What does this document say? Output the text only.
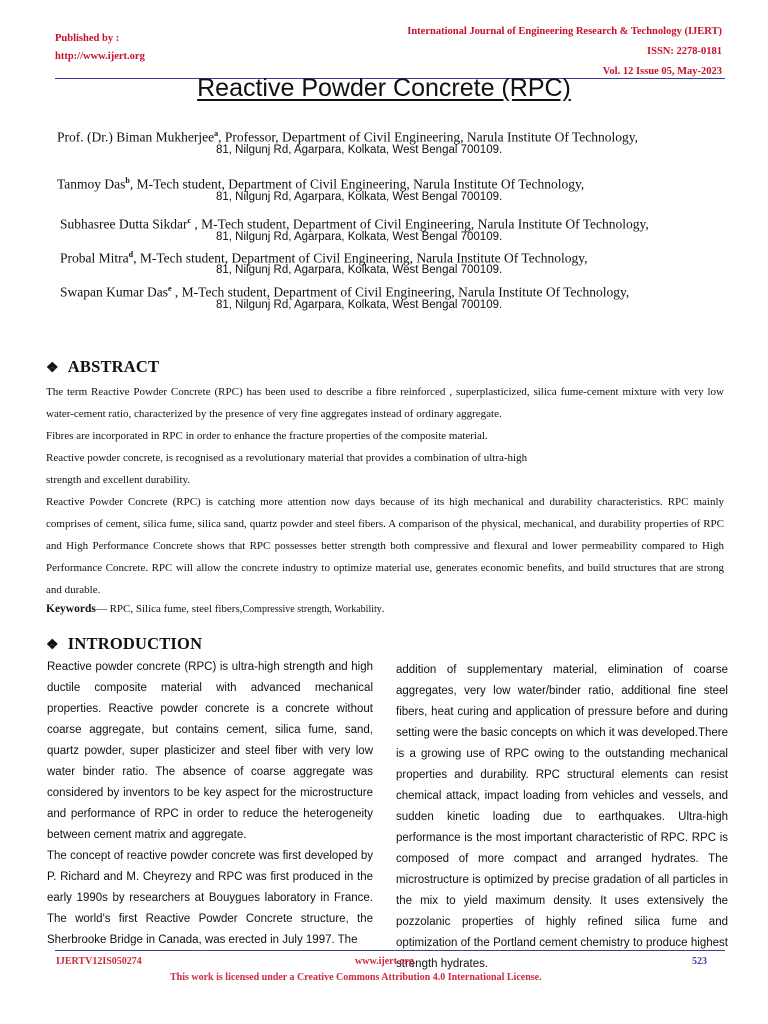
Published by :
http://www.ijert.org
International Journal of Engineering Research & Technology (IJERT)
ISSN: 2278-0181
Vol. 12 Issue 05, May-2023
Reactive Powder Concrete (RPC)
Prof. (Dr.) Biman Mukherjee$^a$, Professor, Department of Civil Engineering, Narula Institute Of Technology,
81, Nilgunj Rd, Agarpara, Kolkata, West Bengal 700109.
Tanmoy Das$^b$, M-Tech student, Department of Civil Engineering, Narula Institute Of Technology,
81, Nilgunj Rd, Agarpara, Kolkata, West Bengal 700109.
Subhasree Dutta Sikdar$^c$ , M-Tech student, Department of Civil Engineering, Narula Institute Of Technology,
81, Nilgunj Rd, Agarpara, Kolkata, West Bengal 700109.
Probal Mitra$^d$, M-Tech student, Department of Civil Engineering, Narula Institute Of Technology,
81, Nilgunj Rd, Agarpara, Kolkata, West Bengal 700109.
Swapan Kumar Das$^e$ , M-Tech student, Department of Civil Engineering, Narula Institute Of Technology,
81, Nilgunj Rd, Agarpara, Kolkata, West Bengal 700109.
❖ ABSTRACT

The term Reactive Powder Concrete (RPC) has been used to describe a fibre reinforced , superplasticized, silica fume-cement mixture with very low water-cement ratio, characterized by the presence of very fine aggregates instead of ordinary aggregate.

Fibres are incorporated in RPC in order to enhance the fracture properties of the composite material.

Reactive powder concrete, is recognised as a revolutionary material that provides a combination of ultra-high

strength and excellent durability.

Reactive Powder Concrete (RPC) is catching more attention now days because of its high mechanical and durability characteristics. RPC mainly comprises of cement, silica fume, silica sand, quartz powder and steel fibers. A comparison of the physical, mechanical, and durability properties of RPC and High Performance Concrete shows that RPC possesses better strength both compressive and flexural and lower permeability compared to High Performance Concrete. RPC will allow the concrete industry to optimize material use, generates economic benefits, and build structures that are strong and durable.

Keywords— RPC, Silica fume, steel fibers,Compressive strength, Workability.
❖ INTRODUCTION

Reactive powder concrete (RPC) is ultra-high strength and high ductile composite material with advanced mechanical properties. Reactive powder concrete is a concrete without coarse aggregate, but contains cement, silica fume, sand, quartz powder, super plasticizer and steel fiber with very low water binder ratio. The absence of coarse aggregate was considered by inventors to be key aspect for the microstructure and performance of RPC in order to reduce the heterogeneity between cement matrix and aggregate.

The concept of reactive powder concrete was first developed by P. Richard and M. Cheyrezy and RPC was first produced in the early 1990s by researchers at Bouygues laboratory in France. The world's first Reactive Powder Concrete structure, the Sherbrooke Bridge in Canada, was erected in July 1997. The

addition of supplementary material, elimination of coarse aggregates, very low water/binder ratio, additional fine steel fibers, heat curing and application of pressure before and during setting were the basic concepts on which it was developed.There is a growing use of RPC owing to the outstanding mechanical properties and durability. RPC structural elements can resist chemical attack, impact loading from vehicles and vessels, and sudden kinetic loading due to earthquakes. Ultra-high performance is the most important characteristic of RPC. RPC is composed of more compact and arranged hydrates. The microstructure is optimized by precise gradation of all particles in the mix to yield maximum density. It uses extensively the pozzolanic properties of highly refined silica fume and optimization of the Portland cement chemistry to produce highest strength hydrates.

IJERTV12IS050274	www.ijert.org	523
This work is licensed under a Creative Commons Attribution 4.0 International License.
